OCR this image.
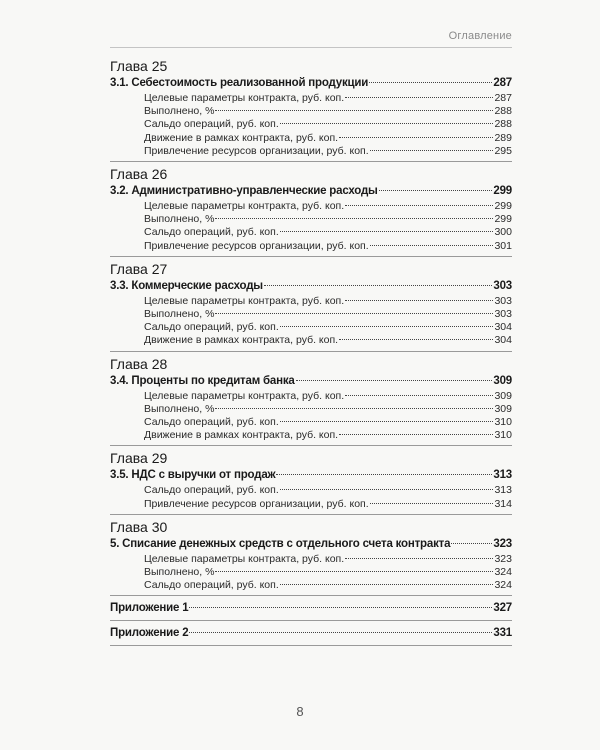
Оглавление
Глава 25
3.1. Себестоимость реализованной продукции	287
Целевые параметры контракта, руб. коп.	287
Выполнено, %	288
Сальдо операций, руб. коп.	288
Движение в рамках контракта, руб. коп.	289
Привлечение ресурсов организации, руб. коп.	295
Глава 26
3.2. Административно-управленческие расходы	299
Целевые параметры контракта, руб. коп.	299
Выполнено, %	299
Сальдо операций, руб. коп.	300
Привлечение ресурсов организации, руб. коп.	301
Глава 27
3.3. Коммерческие расходы	303
Целевые параметры контракта, руб. коп.	303
Выполнено, %	303
Сальдо операций, руб. коп.	304
Движение в рамках контракта, руб. коп.	304
Глава 28
3.4. Проценты по кредитам банка	309
Целевые параметры контракта, руб. коп.	309
Выполнено, %	309
Сальдо операций, руб. коп.	310
Движение в рамках контракта, руб. коп.	310
Глава 29
3.5. НДС с выручки от продаж	313
Сальдо операций, руб. коп.	313
Привлечение ресурсов организации, руб. коп.	314
Глава 30
5. Списание денежных средств с отдельного счета контракта	323
Целевые параметры контракта, руб. коп.	323
Выполнено, %	324
Сальдо операций, руб. коп.	324
Приложение 1	327
Приложение 2	331
8
